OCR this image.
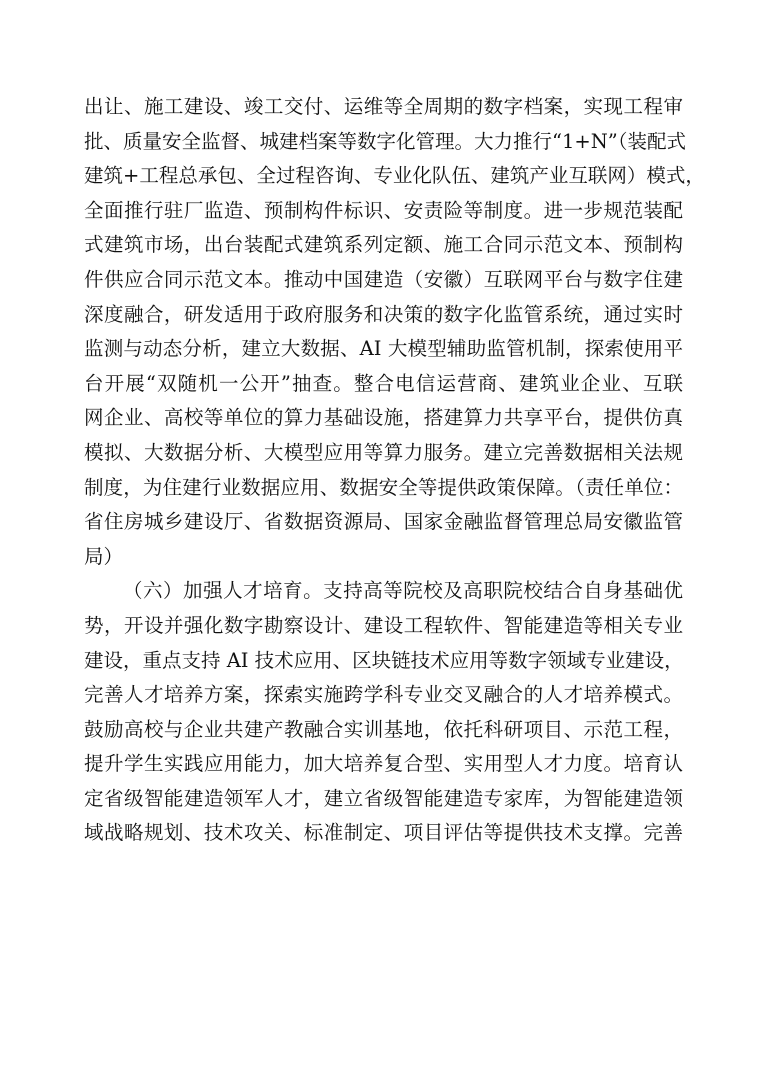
出让、施工建设、竣工交付、运维等全周期的数字档案，实现工程审
批、质量安全监督、城建档案等数字化管理。大力推行“1+N”（装配式
建筑+工程总承包、全过程咨询、专业化队伍、建筑产业互联网）模式，
全面推行驻厂监造、预制构件标识、安责险等制度。进一步规范装配
式建筑市场，出台装配式建筑系列定额、施工合同示范文本、预制构
件供应合同示范文本。推动中国建造（安徽）互联网平台与数字住建
深度融合，研发适用于政府服务和决策的数字化监管系统，通过实时
监测与动态分析，建立大数据、AI 大模型辅助监管机制，探索使用平
台开展“双随机一公开”抽查。整合电信运营商、建筑业企业、互联
网企业、高校等单位的算力基础设施，搭建算力共享平台，提供仿真
模拟、大数据分析、大模型应用等算力服务。建立完善数据相关法规
制度，为住建行业数据应用、数据安全等提供政策保障。（责任单位：
省住房城乡建设厅、省数据资源局、国家金融监督管理总局安徽监管
局）
（六）加强人才培育。支持高等院校及高职院校结合自身基础优
势，开设并强化数字勘察设计、建设工程软件、智能建造等相关专业
建设，重点支持 AI 技术应用、区块链技术应用等数字领域专业建设，
完善人才培养方案，探索实施跨学科专业交叉融合的人才培养模式。
鼓励高校与企业共建产教融合实训基地，依托科研项目、示范工程，
提升学生实践应用能力，加大培养复合型、实用型人才力度。培育认
定省级智能建造领军人才，建立省级智能建造专家库，为智能建造领
域战略规划、技术攻关、标准制定、项目评估等提供技术支撑。完善
